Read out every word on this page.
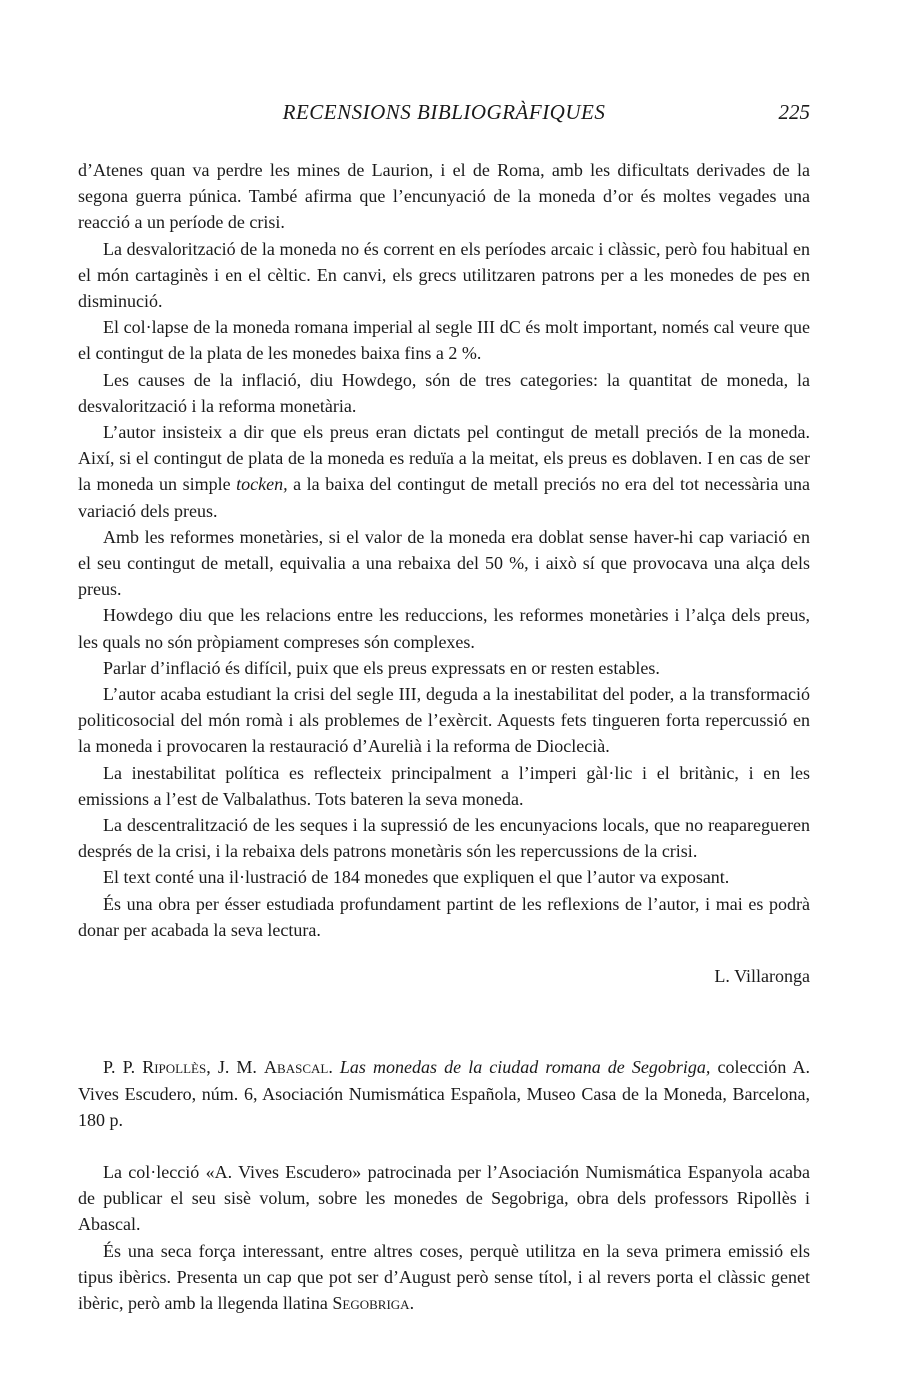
RECENSIONS BIBLIOGRÀFIQUES	225

d’Atenes quan va perdre les mines de Laurion, i el de Roma, amb les dificultats derivades de la segona guerra púnica. També afirma que l’encunyació de la moneda d’or és moltes vegades una reacció a un període de crisi.

La desvalorització de la moneda no és corrent en els períodes arcaic i clàssic, però fou habitual en el món cartaginès i en el cèltic. En canvi, els grecs utilitzaren patrons per a les monedes de pes en disminució.

El col·lapse de la moneda romana imperial al segle III dC és molt important, només cal veure que el contingut de la plata de les monedes baixa fins a 2 %.

Les causes de la inflació, diu Howdego, són de tres categories: la quantitat de moneda, la desvalorització i la reforma monetària.

L’autor insisteix a dir que els preus eran dictats pel contingut de metall preciós de la moneda. Així, si el contingut de plata de la moneda es reduïa a la meitat, els preus es doblaven. I en cas de ser la moneda un simple tocken, a la baixa del contingut de metall preciós no era del tot necessària una variació dels preus.

Amb les reformes monetàries, si el valor de la moneda era doblat sense haver-hi cap variació en el seu contingut de metall, equivalia a una rebaixa del 50 %, i això sí que provocava una alça dels preus.

Howdego diu que les relacions entre les reduccions, les reformes monetàries i l’alça dels preus, les quals no són pròpiament compreses són complexes.

Parlar d’inflació és difícil, puix que els preus expressats en or resten estables.

L’autor acaba estudiant la crisi del segle III, deguda a la inestabilitat del poder, a la transformació politicosocial del món romà i als problemes de l’exèrcit. Aquests fets tingueren forta repercussió en la moneda i provocaren la restauració d’Aurelià i la reforma de Dioclecià.

La inestabilitat política es reflecteix principalment a l’imperi gàl·lic i el britànic, i en les emissions a l’est de Valbalathus. Tots bateren la seva moneda.

La descentralització de les seques i la supressió de les encunyacions locals, que no reaparegueren després de la crisi, i la rebaixa dels patrons monetàris són les repercussions de la crisi.

El text conté una il·lustració de 184 monedes que expliquen el que l’autor va exposant.

És una obra per ésser estudiada profundament partint de les reflexions de l’autor, i mai es podrà donar per acabada la seva lectura.

L. Villaronga

P. P. Ripollès, J. M. Abascal. Las monedas de la ciudad romana de Segobriga, colección A. Vives Escudero, núm. 6, Asociación Numismática Española, Museo Casa de la Moneda, Barcelona, 180 p.

La col·lecció «A. Vives Escudero» patrocinada per l’Asociación Numismática Espanyola acaba de publicar el seu sisè volum, sobre les monedes de Segobriga, obra dels professors Ripollès i Abascal.

És una seca força interessant, entre altres coses, perquè utilitza en la seva primera emissió els tipus ibèrics. Presenta un cap que pot ser d’August però sense títol, i al revers porta el clàssic genet ibèric, però amb la llegenda llatina Segobriga.
